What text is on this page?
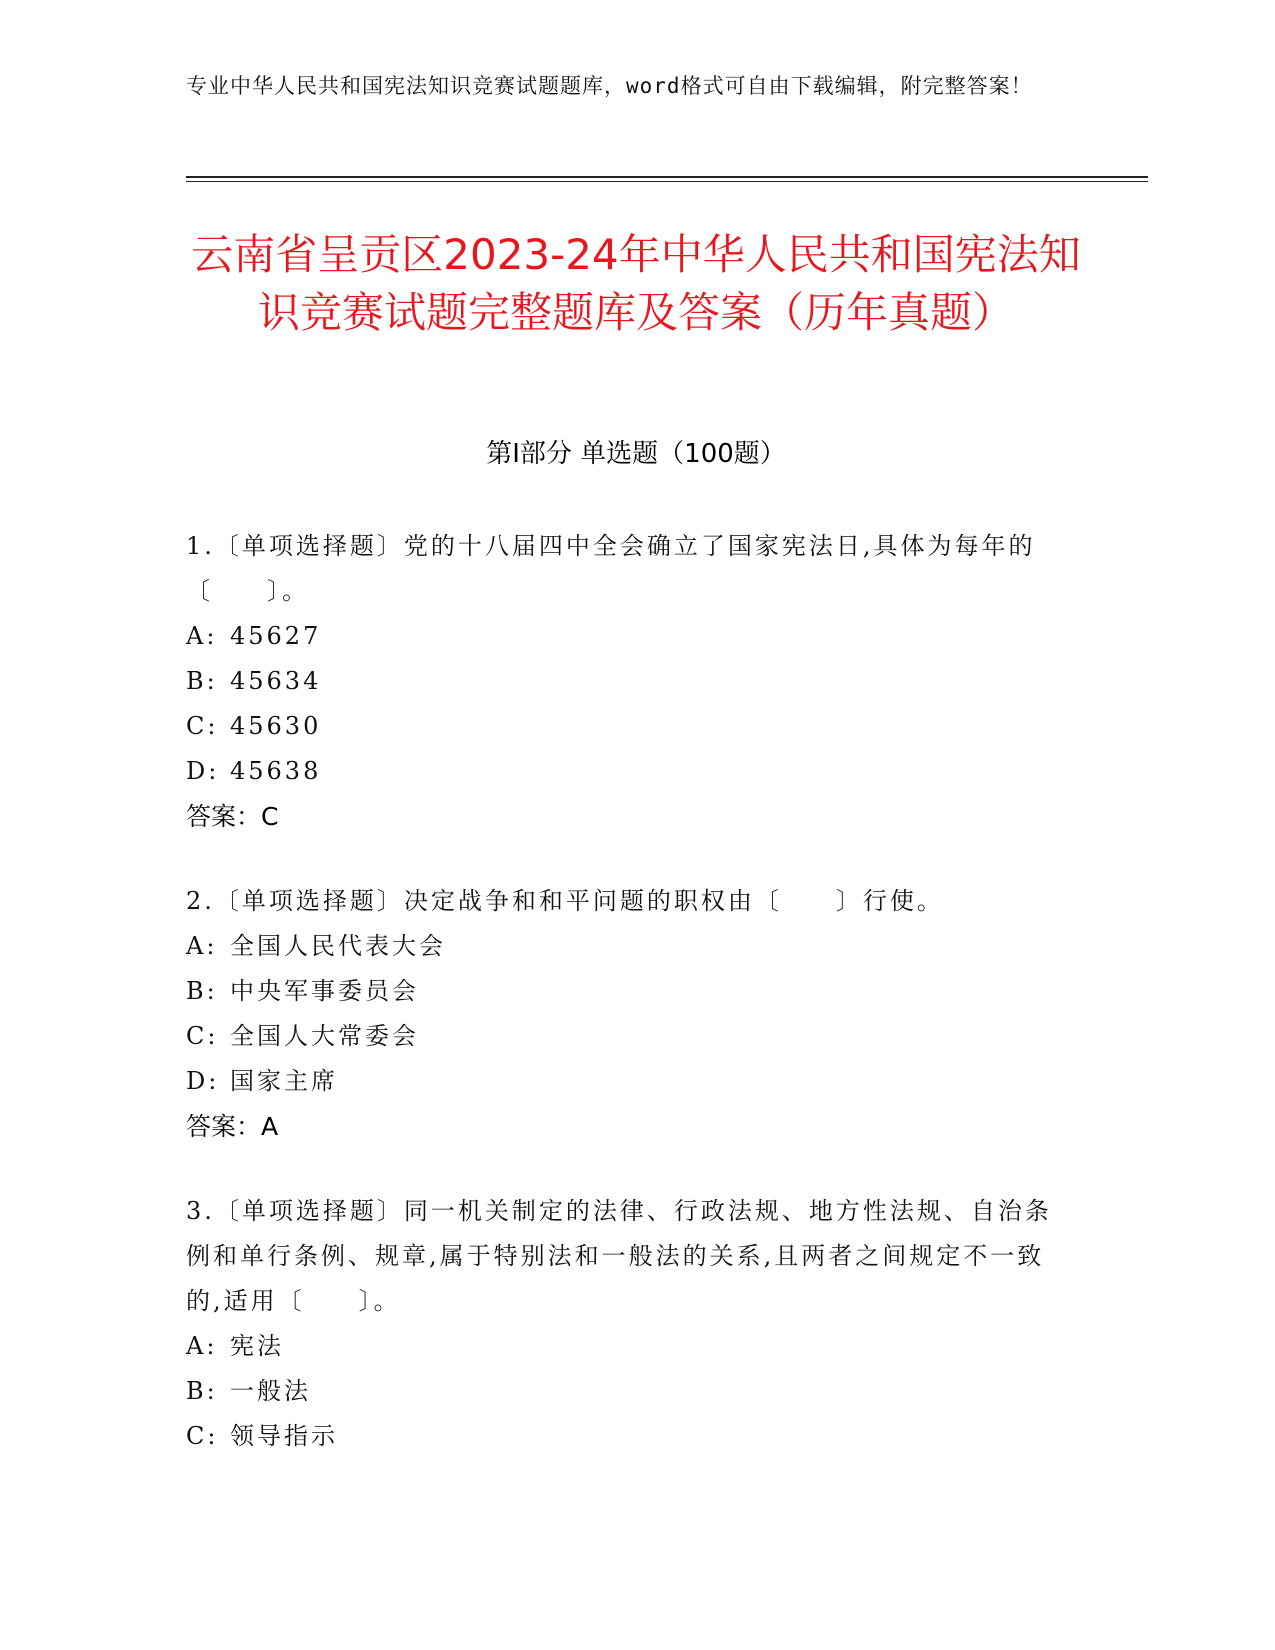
专业中华人民共和国宪法知识竞赛试题题库，word格式可自由下载编辑，附完整答案！
云南省呈贡区2023-24年中华人民共和国宪法知识竞赛试题完整题库及答案（历年真题）
第I部分 单选题（100题）
1.〔单项选择题〕党的十八届四中全会确立了国家宪法日,具体为每年的〔　　〕。
A: 45627
B: 45634
C: 45630
D: 45638
答案：C
2.〔单项选择题〕决定战争和和平问题的职权由〔　　〕行使。
A: 全国人民代表大会
B: 中央军事委员会
C: 全国人大常委会
D: 国家主席
答案：A
3.〔单项选择题〕同一机关制定的法律、行政法规、地方性法规、自治条例和单行条例、规章,属于特别法和一般法的关系,且两者之间规定不一致的,适用〔　　〕。
A: 宪法
B: 一般法
C: 领导指示
